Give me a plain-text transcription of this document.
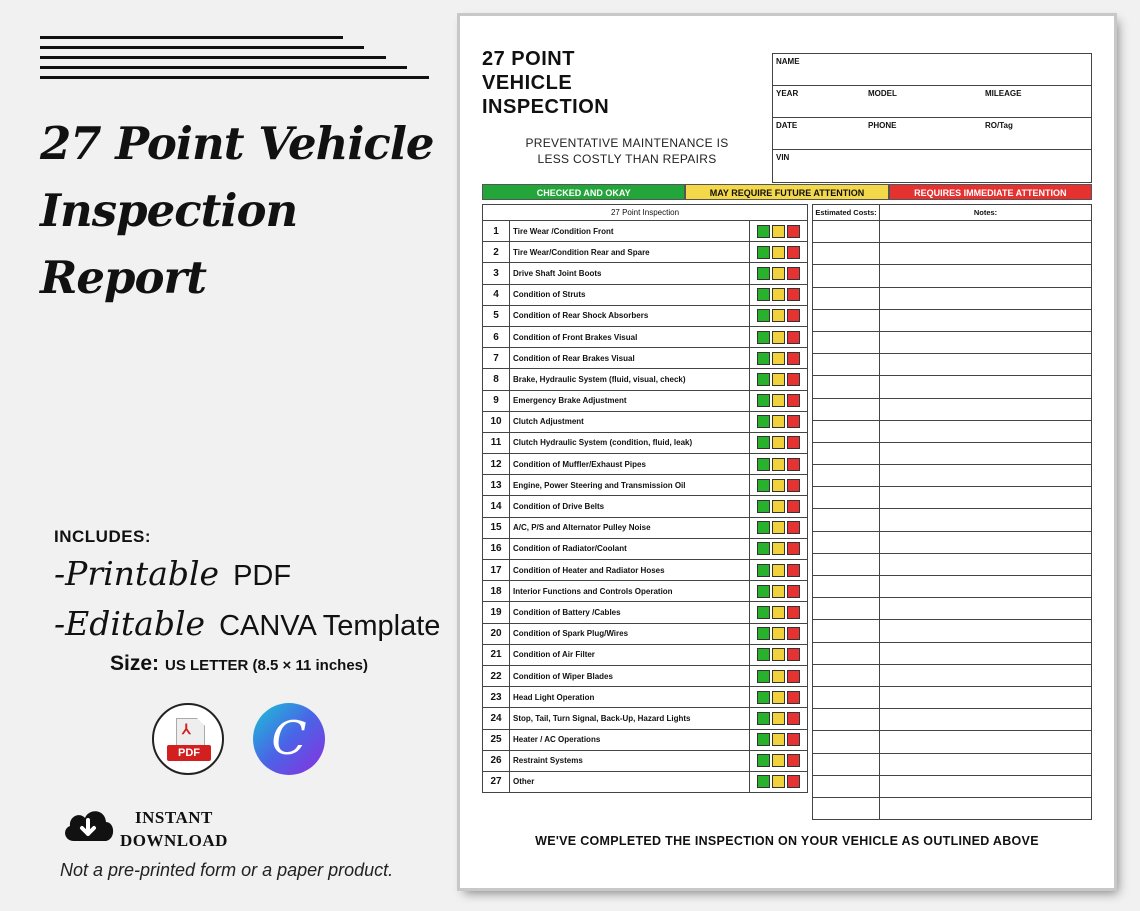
27 Point Vehicle
Inspection
Report
INCLUDES:
-Printable PDF
-Editable CANVA Template
Size: US LETTER (8.5 × 11 inches)
⅄
PDF	C
INSTANT
DOWNLOAD
Not a pre-printed form or a paper product.
27 POINT
VEHICLE
INSPECTION
PREVENTATIVE MAINTENANCE IS
LESS COSTLY THAN REPAIRS
NAME
YEAR	MODEL	MILEAGE
DATE	PHONE	RO/Tag
VIN
CHECKED AND OKAY	MAY REQUIRE FUTURE ATTENTION	REQUIRES IMMEDIATE ATTENTION
27 Point Inspection		
1	Tire Wear /Condition Front	
2	Tire Wear/Condition Rear and Spare	
3	Drive Shaft Joint Boots	
4	Condition of Struts	
5	Condition of Rear Shock Absorbers	
6	Condition of Front Brakes Visual	
7	Condition of Rear Brakes Visual	
8	Brake, Hydraulic System (fluid, visual, check)	
9	Emergency Brake Adjustment	
10	Clutch Adjustment	
11	Clutch Hydraulic System (condition, fluid, leak)	
12	Condition of Muffler/Exhaust Pipes	
13	Engine, Power Steering and Transmission Oil	
14	Condition of Drive Belts	
15	A/C, P/S and Alternator Pulley Noise	
16	Condition of Radiator/Coolant	
17	Condition of Heater and Radiator Hoses	
18	Interior Functions and Controls Operation	
19	Condition of Battery /Cables	
20	Condition of Spark Plug/Wires	
21	Condition of Air Filter	
22	Condition of Wiper Blades	
23	Head Light Operation	
24	Stop, Tail, Turn Signal, Back-Up, Hazard Lights	
25	Heater / AC Operations	
26	Restraint Systems	
27	Other	
Estimated Costs:	Notes:

WE'VE COMPLETED THE INSPECTION ON YOUR VEHICLE AS OUTLINED ABOVE
